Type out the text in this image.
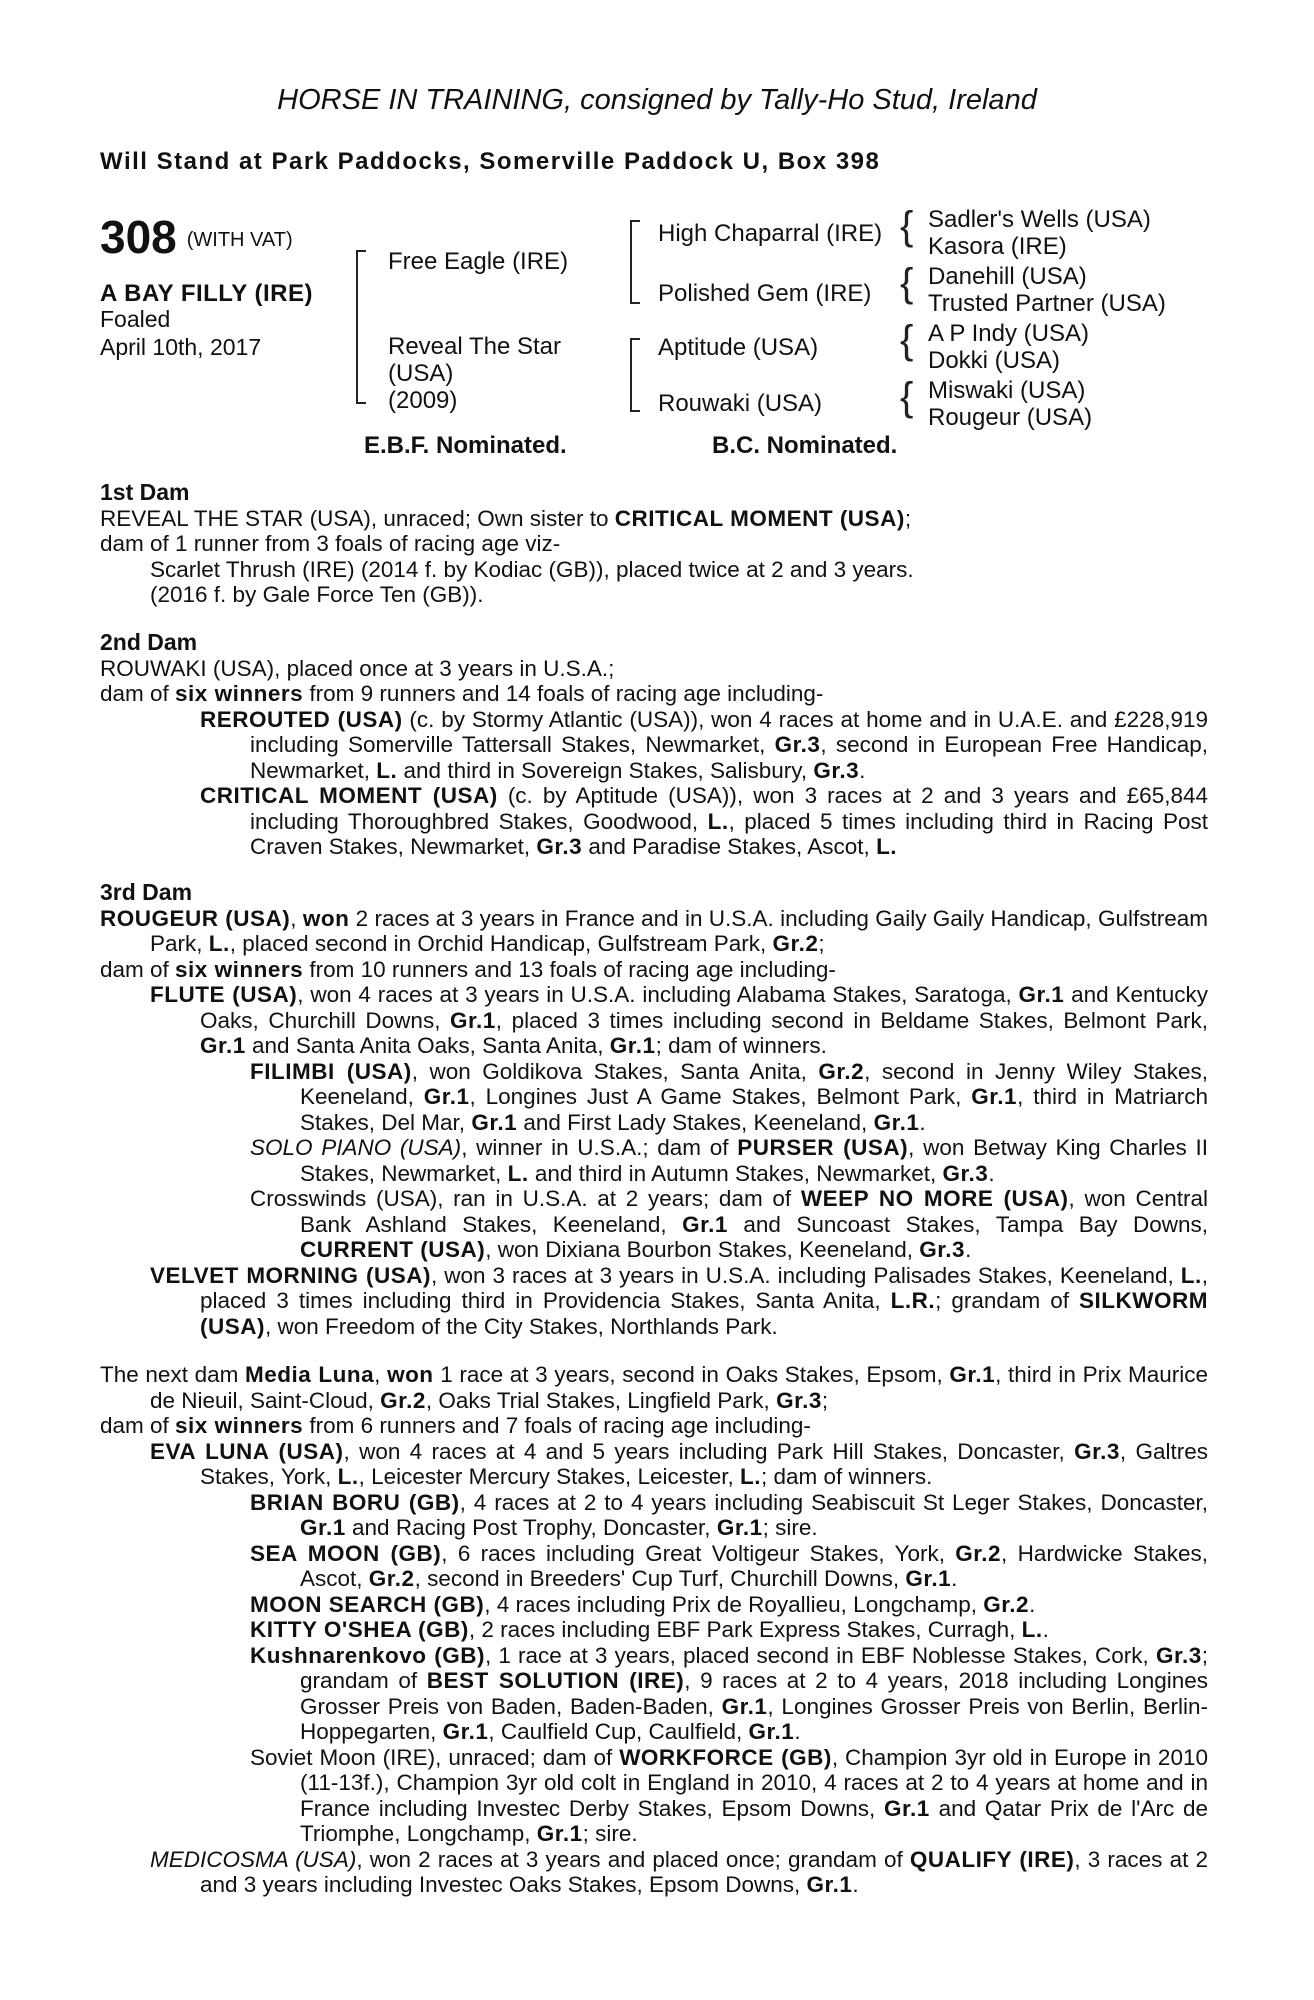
HORSE IN TRAINING, consigned by Tally-Ho Stud, Ireland
Will Stand at Park Paddocks, Somerville Paddock U, Box 398
308 (WITH VAT)
A BAY FILLY (IRE)
Foaled
April 10th, 2017
Free Eagle (IRE)
Reveal The Star
(USA)
(2009)
High Chaparral (IRE)
Polished Gem (IRE)
Aptitude (USA)
Rouwaki (USA)
{
{
{
{
Sadler's Wells (USA)
Kasora (IRE)
Danehill (USA)
Trusted Partner (USA)
A P Indy (USA)
Dokki (USA)
Miswaki (USA)
Rougeur (USA)
E.B.F. Nominated.	B.C. Nominated.

1st Dam

REVEAL THE STAR (USA), unraced; Own sister to CRITICAL MOMENT (USA);

dam of 1 runner from 3 foals of racing age viz-

Scarlet Thrush (IRE) (2014 f. by Kodiac (GB)), placed twice at 2 and 3 years.

(2016 f. by Gale Force Ten (GB)).

2nd Dam

ROUWAKI (USA), placed once at 3 years in U.S.A.;

dam of six winners from 9 runners and 14 foals of racing age including-

REROUTED (USA) (c. by Stormy Atlantic (USA)), won 4 races at home and in U.A.E. and £228,919 including Somerville Tattersall Stakes, Newmarket, Gr.3, second in European Free Handicap, Newmarket, L. and third in Sovereign Stakes, Salisbury, Gr.3.

CRITICAL MOMENT (USA) (c. by Aptitude (USA)), won 3 races at 2 and 3 years and £65,844 including Thoroughbred Stakes, Goodwood, L., placed 5 times including third in Racing Post Craven Stakes, Newmarket, Gr.3 and Paradise Stakes, Ascot, L.

3rd Dam

ROUGEUR (USA), won 2 races at 3 years in France and in U.S.A. including Gaily Gaily Handicap, Gulfstream Park, L., placed second in Orchid Handicap, Gulfstream Park, Gr.2;

dam of six winners from 10 runners and 13 foals of racing age including-

FLUTE (USA), won 4 races at 3 years in U.S.A. including Alabama Stakes, Saratoga, Gr.1 and Kentucky Oaks, Churchill Downs, Gr.1, placed 3 times including second in Beldame Stakes, Belmont Park, Gr.1 and Santa Anita Oaks, Santa Anita, Gr.1; dam of winners.

FILIMBI (USA), won Goldikova Stakes, Santa Anita, Gr.2, second in Jenny Wiley Stakes, Keeneland, Gr.1, Longines Just A Game Stakes, Belmont Park, Gr.1, third in Matriarch Stakes, Del Mar, Gr.1 and First Lady Stakes, Keeneland, Gr.1.

SOLO PIANO (USA), winner in U.S.A.; dam of PURSER (USA), won Betway King Charles II Stakes, Newmarket, L. and third in Autumn Stakes, Newmarket, Gr.3.

Crosswinds (USA), ran in U.S.A. at 2 years; dam of WEEP NO MORE (USA), won Central Bank Ashland Stakes, Keeneland, Gr.1 and Suncoast Stakes, Tampa Bay Downs, CURRENT (USA), won Dixiana Bourbon Stakes, Keeneland, Gr.3.

VELVET MORNING (USA), won 3 races at 3 years in U.S.A. including Palisades Stakes, Keeneland, L., placed 3 times including third in Providencia Stakes, Santa Anita, L.R.; grandam of SILKWORM (USA), won Freedom of the City Stakes, Northlands Park.

The next dam Media Luna, won 1 race at 3 years, second in Oaks Stakes, Epsom, Gr.1, third in Prix Maurice de Nieuil, Saint-Cloud, Gr.2, Oaks Trial Stakes, Lingfield Park, Gr.3;

dam of six winners from 6 runners and 7 foals of racing age including-

EVA LUNA (USA), won 4 races at 4 and 5 years including Park Hill Stakes, Doncaster, Gr.3, Galtres Stakes, York, L., Leicester Mercury Stakes, Leicester, L.; dam of winners.

BRIAN BORU (GB), 4 races at 2 to 4 years including Seabiscuit St Leger Stakes, Doncaster, Gr.1 and Racing Post Trophy, Doncaster, Gr.1; sire.

SEA MOON (GB), 6 races including Great Voltigeur Stakes, York, Gr.2, Hardwicke Stakes, Ascot, Gr.2, second in Breeders' Cup Turf, Churchill Downs, Gr.1.

MOON SEARCH (GB), 4 races including Prix de Royallieu, Longchamp, Gr.2.

KITTY O'SHEA (GB), 2 races including EBF Park Express Stakes, Curragh, L..

Kushnarenkovo (GB), 1 race at 3 years, placed second in EBF Noblesse Stakes, Cork, Gr.3; grandam of BEST SOLUTION (IRE), 9 races at 2 to 4 years, 2018 including Longines Grosser Preis von Baden, Baden-Baden, Gr.1, Longines Grosser Preis von Berlin, Berlin-Hoppegarten, Gr.1, Caulfield Cup, Caulfield, Gr.1.

Soviet Moon (IRE), unraced; dam of WORKFORCE (GB), Champion 3yr old in Europe in 2010 (11-13f.), Champion 3yr old colt in England in 2010, 4 races at 2 to 4 years at home and in France including Investec Derby Stakes, Epsom Downs, Gr.1 and Qatar Prix de l'Arc de Triomphe, Longchamp, Gr.1; sire.

MEDICOSMA (USA), won 2 races at 3 years and placed once; grandam of QUALIFY (IRE), 3 races at 2 and 3 years including Investec Oaks Stakes, Epsom Downs, Gr.1.
